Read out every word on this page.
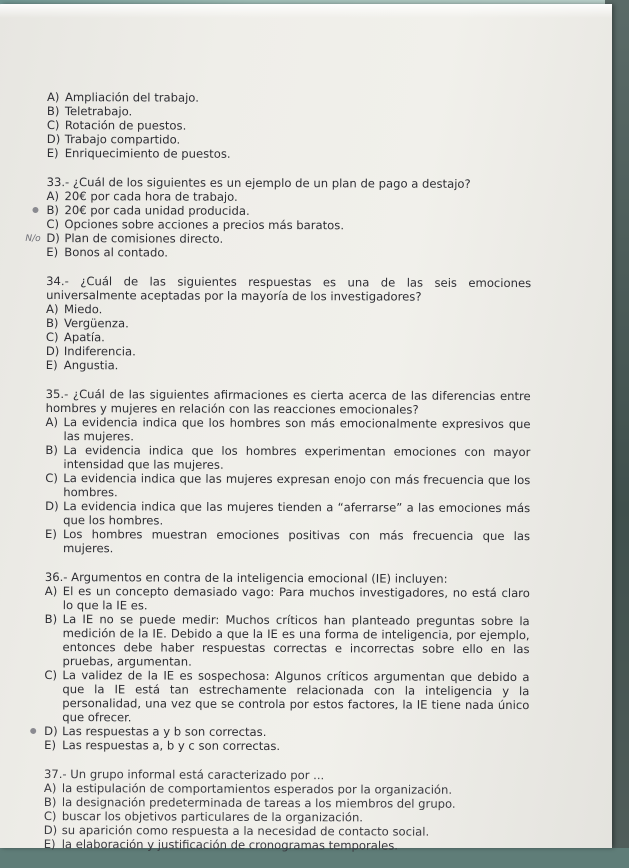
A) Ampliación del trabajo.
B) Teletrabajo.
C) Rotación de puestos.
D) Trabajo compartido.
E) Enriquecimiento de puestos.

33.- ¿Cuál de los siguientes es un ejemplo de un plan de pago a destajo?

A) 20€ por cada hora de trabajo.
B) 20€ por cada unidad producida.
C) Opciones sobre acciones a precios más baratos.
N/o D) Plan de comisiones directo.
E) Bonos al contado.

34.- ¿Cuál de las siguientes respuestas es una de las seis emociones universalmente aceptadas por la mayoría de los investigadores?

A) Miedo.
B) Vergüenza.
C) Apatía.
D) Indiferencia.
E) Angustia.

35.- ¿Cuál de las siguientes afirmaciones es cierta acerca de las diferencias entre hombres y mujeres en relación con las reacciones emocionales?

A) La evidencia indica que los hombres son más emocionalmente expresivos que las mujeres.
B) La evidencia indica que los hombres experimentan emociones con mayor intensidad que las mujeres.
C) La evidencia indica que las mujeres expresan enojo con más frecuencia que los hombres.
D) La evidencia indica que las mujeres tienden a “aferrarse” a las emociones más que los hombres.
E) Los hombres muestran emociones positivas con más frecuencia que las mujeres.

36.- Argumentos en contra de la inteligencia emocional (IE) incluyen:

A) El es un concepto demasiado vago: Para muchos investigadores, no está claro lo que la IE es.
B) La IE no se puede medir: Muchos críticos han planteado preguntas sobre la medición de la IE. Debido a que la IE es una forma de inteligencia, por ejemplo, entonces debe haber respuestas correctas e incorrectas sobre ello en las pruebas, argumentan.
C) La validez de la IE es sospechosa: Algunos críticos argumentan que debido a que la IE está tan estrechamente relacionada con la inteligencia y la personalidad, una vez que se controla por estos factores, la IE tiene nada único que ofrecer.
D) Las respuestas a y b son correctas.
E) Las respuestas a, b y c son correctas.

37.- Un grupo informal está caracterizado por ...

A) la estipulación de comportamientos esperados por la organización.
B) la designación predeterminada de tareas a los miembros del grupo.
C) buscar los objetivos particulares de la organización.
D) su aparición como respuesta a la necesidad de contacto social.
E) la elaboración y justificación de cronogramas temporales.
